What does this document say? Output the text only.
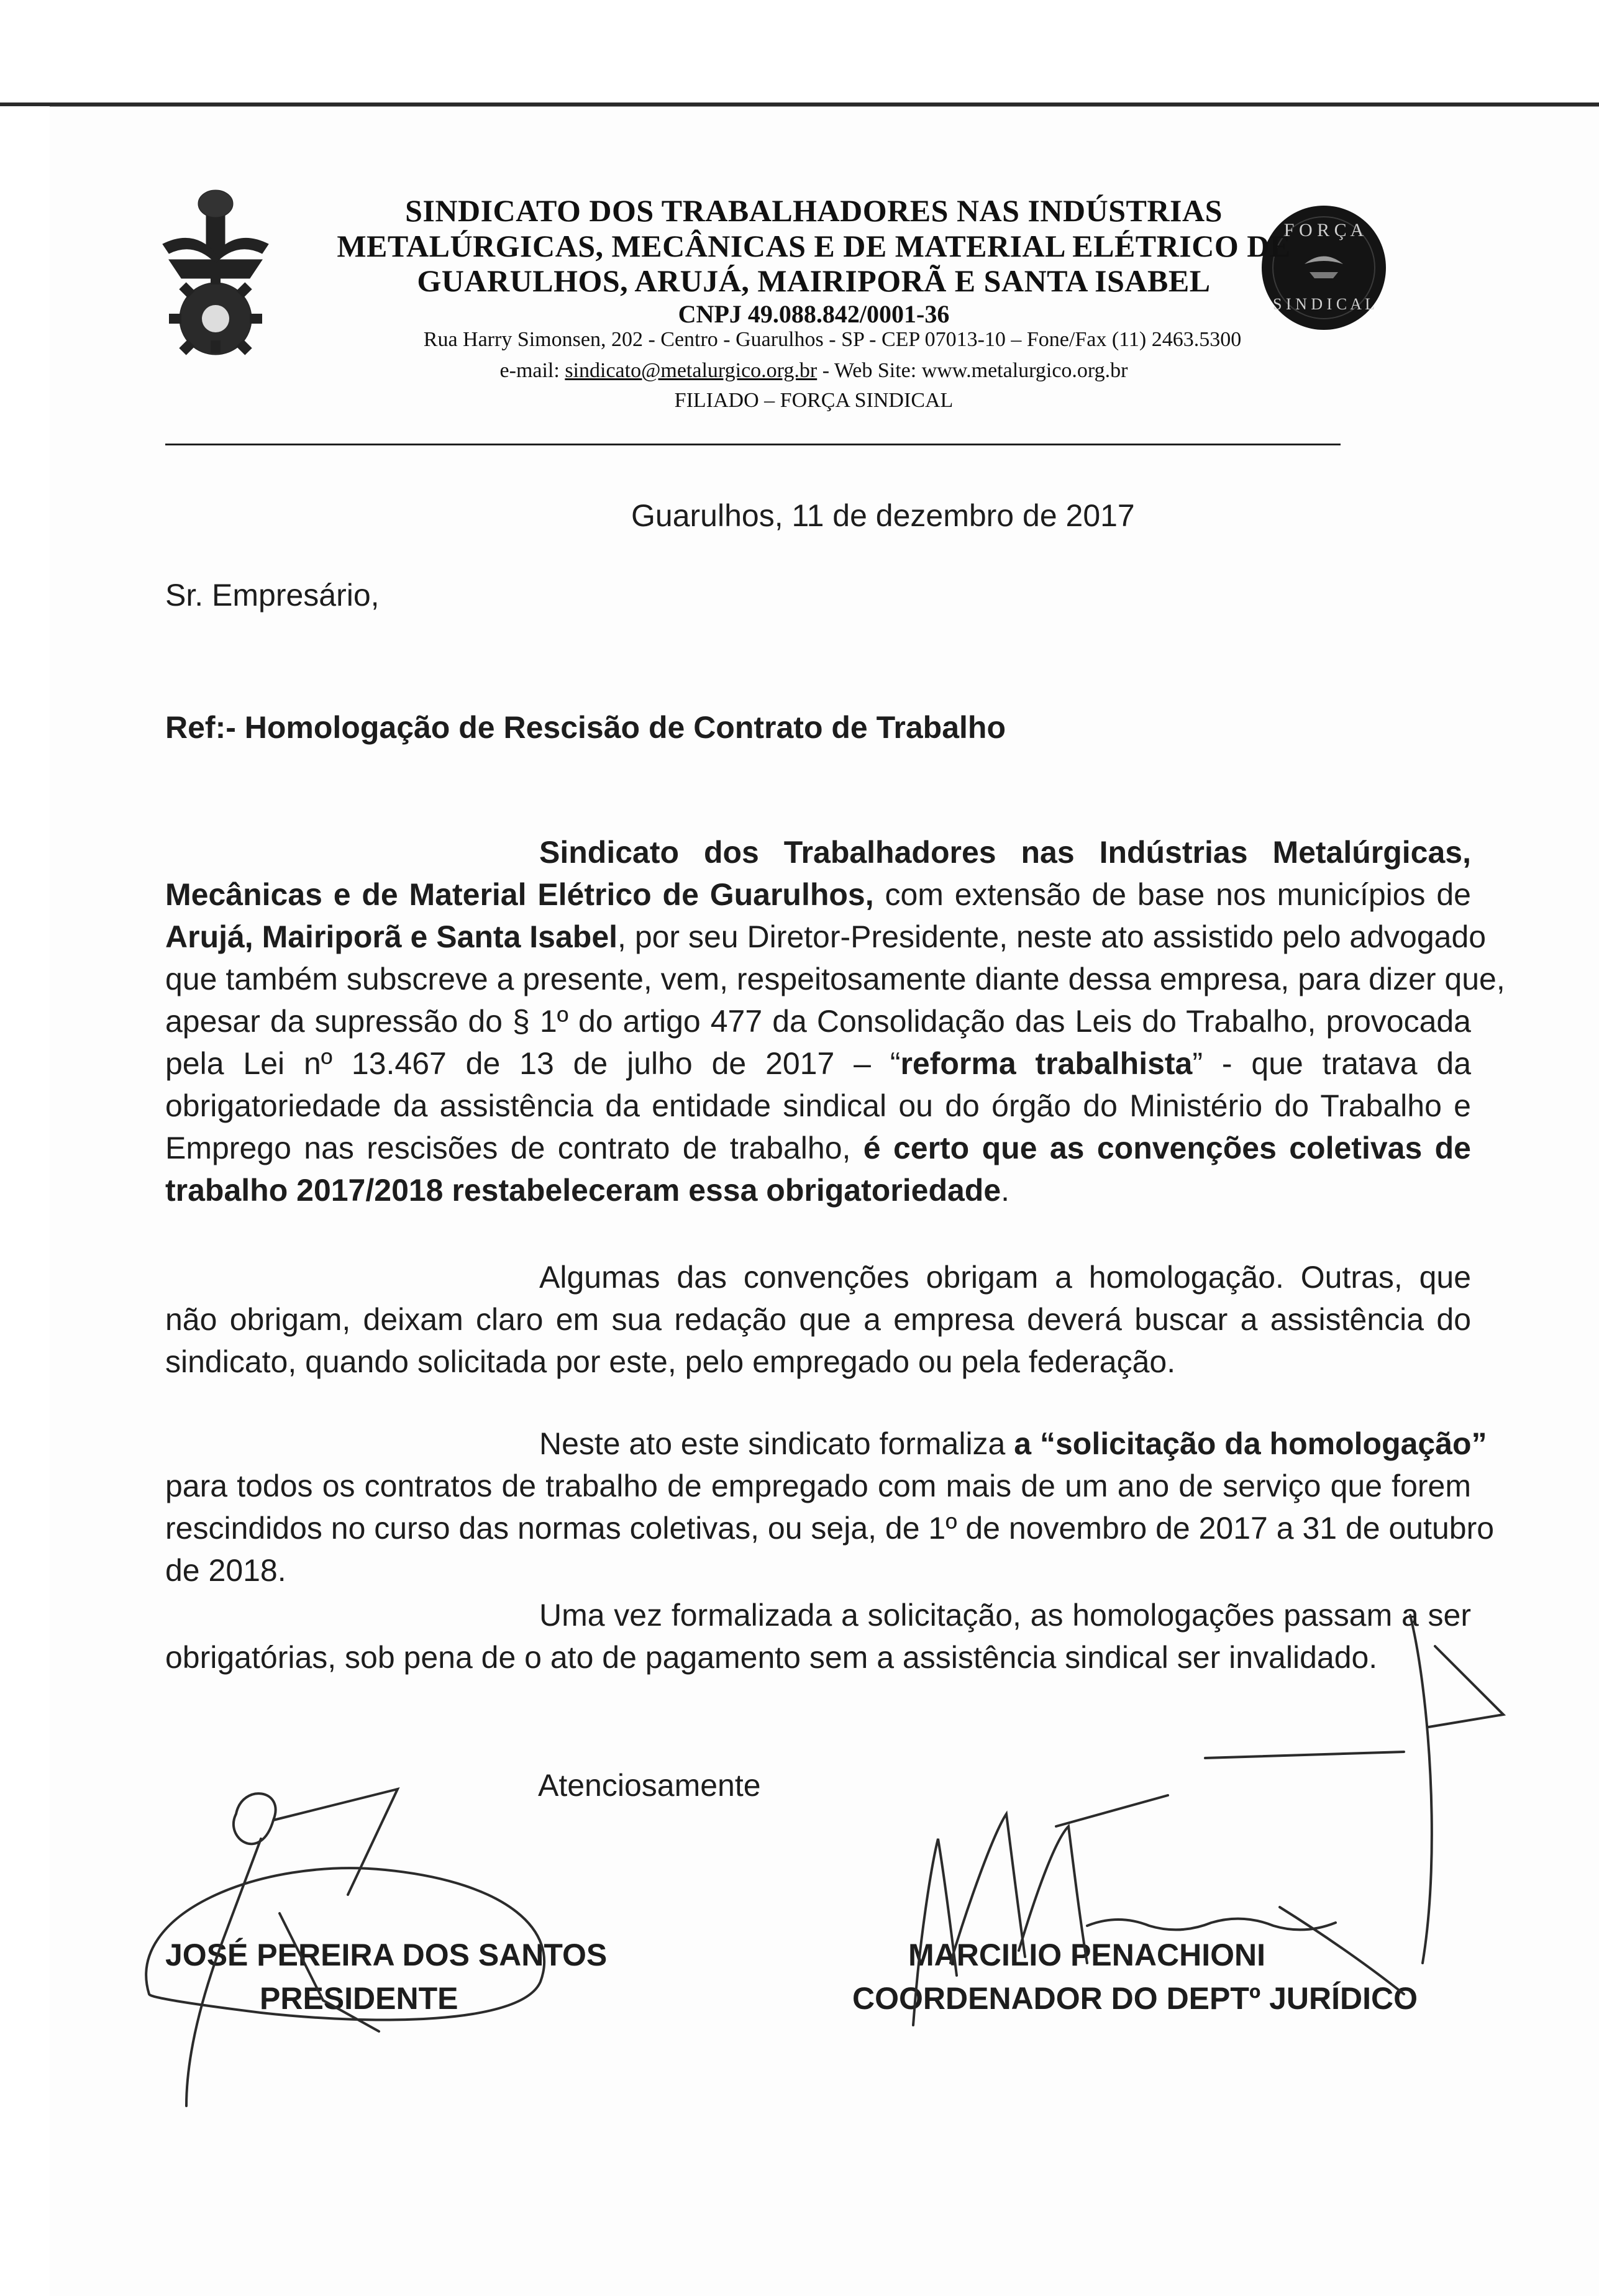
F O R Ç A
S I N D I C A L
SINDICATO DOS TRABALHADORES NAS INDÚSTRIAS
METALÚRGICAS, MECÂNICAS E DE MATERIAL ELÉTRICO DE
GUARULHOS, ARUJÁ, MAIRIPORÃ E SANTA ISABEL
CNPJ 49.088.842/0001-36
Rua Harry Simonsen, 202 - Centro - Guarulhos - SP - CEP 07013-10 – Fone/Fax (11) 2463.5300
e-mail: sindicato@metalurgico.org.br - Web Site: www.metalurgico.org.br
FILIADO – FORÇA SINDICAL
Guarulhos, 11 de dezembro de 2017
Sr. Empresário,
Ref:- Homologação de Rescisão de Contrato de Trabalho
Sindicato dos Trabalhadores nas Indústrias Metalúrgicas,
Mecânicas e de Material Elétrico de Guarulhos, com extensão de base nos municípios de
Arujá, Mairiporã e Santa Isabel, por seu Diretor-Presidente, neste ato assistido pelo advogado
que também subscreve a presente, vem, respeitosamente diante dessa empresa, para dizer que,
apesar da supressão do § 1º do artigo 477 da Consolidação das Leis do Trabalho, provocada
pela Lei nº 13.467 de 13 de julho de 2017 – “reforma trabalhista” - que tratava da
obrigatoriedade da assistência da entidade sindical ou do órgão do Ministério do Trabalho e
Emprego nas rescisões de contrato de trabalho, é certo que as convenções coletivas de
trabalho 2017/2018 restabeleceram essa obrigatoriedade.
Algumas das convenções obrigam a homologação. Outras, que
não obrigam, deixam claro em sua redação que a empresa deverá buscar a assistência do
sindicato, quando solicitada por este, pelo empregado ou pela federação.
Neste ato este sindicato formaliza a “solicitação da homologação”
para todos os contratos de trabalho de empregado com mais de um ano de serviço que forem
rescindidos no curso das normas coletivas, ou seja, de 1º de novembro de 2017 a 31 de outubro
de 2018.
Uma vez formalizada a solicitação, as homologações passam a ser
obrigatórias, sob pena de o ato de pagamento sem a assistência sindical ser invalidado.
Atenciosamente
JOSÉ PEREIRA DOS SANTOS
PRESIDENTE
MARCILIO PENACHIONI
COORDENADOR DO DEPTº JURÍDICO
